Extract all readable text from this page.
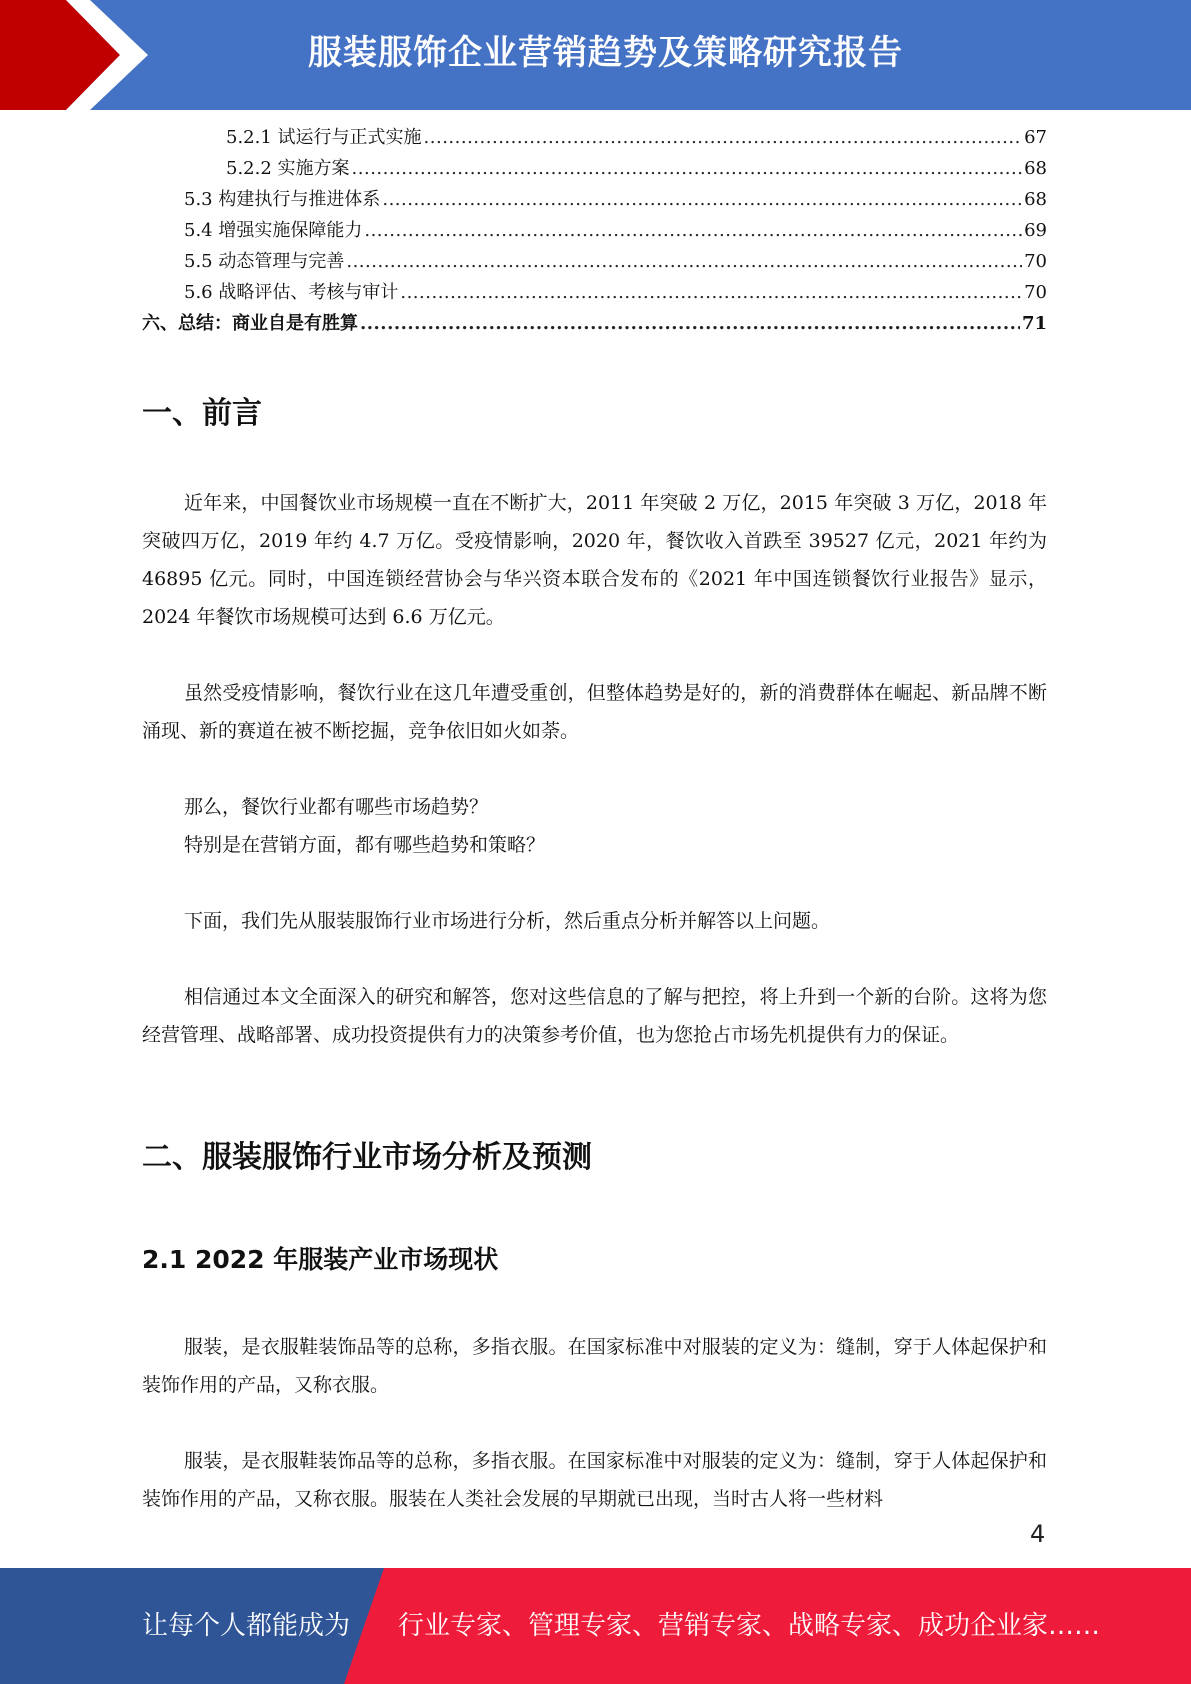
服装服饰企业营销趋势及策略研究报告
5.2.1 试运行与正式实施 .....	67
5.2.2 实施方案 .....	68
5.3 构建执行与推进体系 .....	68
5.4 增强实施保障能力 .....	69
5.5 动态管理与完善 .....	70
5.6 战略评估、考核与审计 .....	70
六、总结：商业自是有胜算 .....	71
一、前言

近年来，中国餐饮业市场规模一直在不断扩大，2011 年突破 2 万亿，2015 年突破 3 万亿，2018 年突破四万亿，2019 年约 4.7 万亿。受疫情影响，2020 年，餐饮收入首跌至 39527 亿元，2021 年约为 46895 亿元。同时，中国连锁经营协会与华兴资本联合发布的《2021 年中国连锁餐饮行业报告》显示，2024 年餐饮市场规模可达到 6.6 万亿元。

虽然受疫情影响，餐饮行业在这几年遭受重创，但整体趋势是好的，新的消费群体在崛起、新品牌不断涌现、新的赛道在被不断挖掘，竞争依旧如火如荼。

那么，餐饮行业都有哪些市场趋势？

特别是在营销方面，都有哪些趋势和策略？

下面，我们先从服装服饰行业市场进行分析，然后重点分析并解答以上问题。

相信通过本文全面深入的研究和解答，您对这些信息的了解与把控，将上升到一个新的台阶。这将为您经营管理、战略部署、成功投资提供有力的决策参考价值，也为您抢占市场先机提供有力的保证。

二、服装服饰行业市场分析及预测
2.1 2022 年服装产业市场现状

服装，是衣服鞋装饰品等的总称，多指衣服。在国家标准中对服装的定义为：缝制，穿于人体起保护和装饰作用的产品，又称衣服。

服装，是衣服鞋装饰品等的总称，多指衣服。在国家标准中对服装的定义为：缝制，穿于人体起保护和装饰作用的产品，又称衣服。服装在人类社会发展的早期就已出现，当时古人将一些材料

4
让每个人都能成为 行业专家、管理专家、营销专家、战略专家、成功企业家……
